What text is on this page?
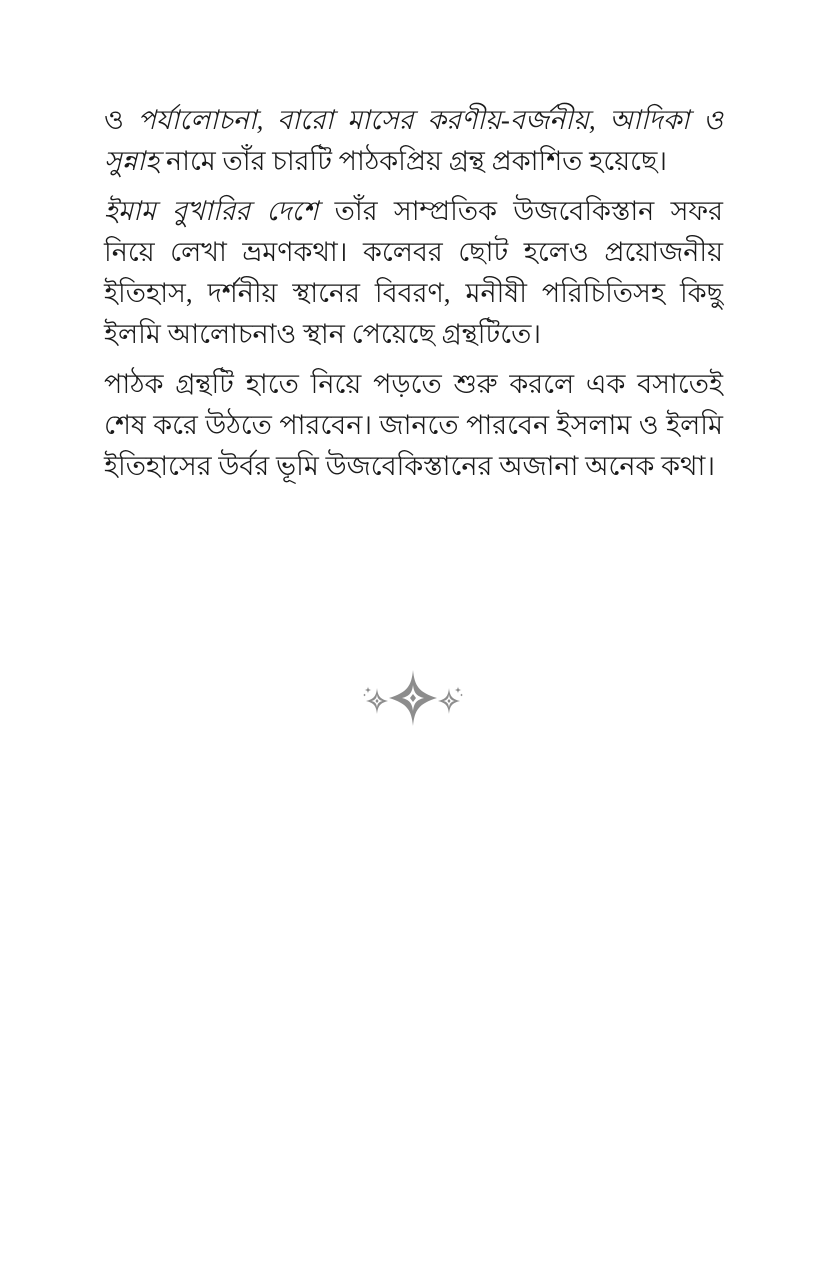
ও পর্যালোচনা, বারো মাসের করণীয়-বর্জনীয়, আদিকা ও সুন্নাহ নামে তাঁর চারটি পাঠকপ্রিয় গ্রন্থ প্রকাশিত হয়েছে।

ইমাম বুখারির দেশে তাঁর সাম্প্রতিক উজবেকিস্তান সফর নিয়ে লেখা ভ্রমণকথা। কলেবর ছোট হলেও প্রয়োজনীয় ইতিহাস, দর্শনীয় স্থানের বিবরণ, মনীষী পরিচিতিসহ কিছু ইলমি আলোচনাও স্থান পেয়েছে গ্রন্থটিতে।

পাঠক গ্রন্থটি হাতে নিয়ে পড়তে শুরু করলে এক বসাতেই শেষ করে উঠতে পারবেন। জানতে পারবেন ইসলাম ও ইলমি ইতিহাসের উর্বর ভূমি উজবেকিস্তানের অজানা অনেক কথা।
